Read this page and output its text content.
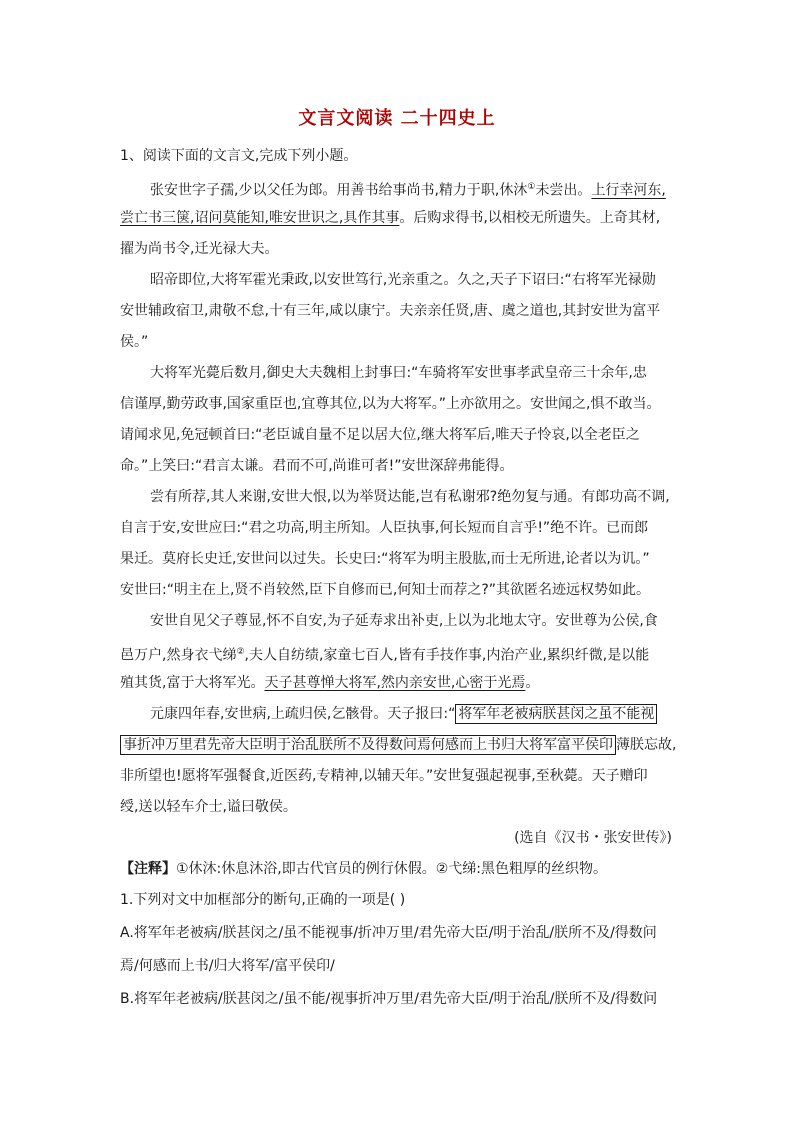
文言文阅读 二十四史上
1、阅读下面的文言文,完成下列小题。
张安世字子孺,少以父任为郎。用善书给事尚书,精力于职,休沐①未尝出。上行幸河东,
尝亡书三箧,诏问莫能知,唯安世识之,具作其事。后购求得书,以相校无所遗失。上奇其材,
擢为尚书令,迁光禄大夫。
昭帝即位,大将军霍光秉政,以安世笃行,光亲重之。久之,天子下诏曰:“右将军光禄勋
安世辅政宿卫,肃敬不怠,十有三年,咸以康宁。夫亲亲任贤,唐、虞之道也,其封安世为富平
侯。”
大将军光薨后数月,御史大夫魏相上封事曰:“车骑将军安世事孝武皇帝三十余年,忠
信谨厚,勤劳政事,国家重臣也,宜尊其位,以为大将军。”上亦欲用之。安世闻之,惧不敢当。
请闻求见,免冠顿首曰:“老臣诚自量不足以居大位,继大将军后,唯天子怜哀,以全老臣之
命。”上笑曰:“君言太谦。君而不可,尚谁可者!”安世深辞弗能得。
尝有所荐,其人来谢,安世大恨,以为举贤达能,岂有私谢邪?绝勿复与通。有郎功高不调,
自言于安,安世应曰:“君之功高,明主所知。人臣执事,何长短而自言乎!”绝不许。已而郎
果迁。莫府长史迁,安世问以过失。长史曰:“将军为明主股肱,而士无所进,论者以为讥。”
安世曰:“明主在上,贤不肖较然,臣下自修而已,何知士而荐之?”其欲匿名迹远权势如此。
安世自见父子尊显,怀不自安,为子延寿求出补吏,上以为北地太守。安世尊为公侯,食
邑万户,然身衣弋绨②,夫人自纺绩,家童七百人,皆有手技作事,内治产业,累织纤微,是以能
殖其货,富于大将军光。天子甚尊惮大将军,然内亲安世,心密于光焉。
元康四年春,安世病,上疏归侯,乞骸骨。天子报曰:“ 将军年老被病朕甚闵之虽不能视
事折冲万里君先帝大臣明于治乱朕所不及得数问焉何感而上书归大将军富平侯印 薄朕忘故,
非所望也!愿将军强餐食,近医药,专精神,以辅天年。”安世复强起视事,至秋薨。天子赠印
绶,送以轻车介士,谥曰敬侯。
(选自《汉书・张安世传》)
【注释】①休沐:休息沐浴,即古代官员的例行休假。②弋绨:黑色粗厚的丝织物。
1.下列对文中加框部分的断句,正确的一项是( )
A.将军年老被病/朕甚闵之/虽不能视事/折冲万里/君先帝大臣/明于治乱/朕所不及/得数问
焉/何感而上书/归大将军/富平侯印/
B.将军年老被病/朕甚闵之/虽不能/视事折冲万里/君先帝大臣/明于治乱/朕所不及/得数问
